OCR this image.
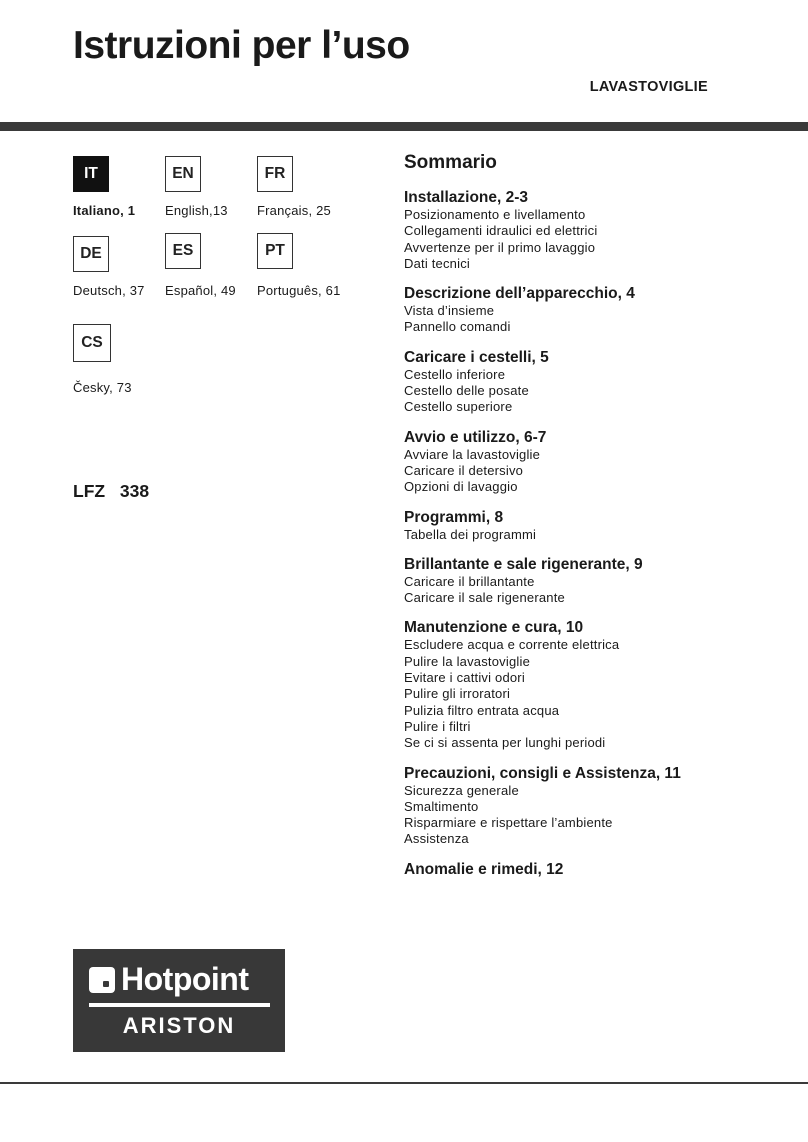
Istruzioni per l’uso
LAVASTOVIGLIE
IT
Italiano, 1
EN
English,13
FR
Français, 25
DE
Deutsch, 37
ES
Español, 49
PT
Português, 61
CS
Česky, 73
LFZ 338
Hotpoint
ARISTON
Sommario
Installazione, 2-3
Posizionamento e livellamento
Collegamenti idraulici ed elettrici
Avvertenze per il primo lavaggio
Dati tecnici
Descrizione dell’apparecchio, 4
Vista d’insieme
Pannello comandi
Caricare i cestelli, 5
Cestello inferiore
Cestello delle posate
Cestello superiore
Avvio e utilizzo, 6-7
Avviare la lavastoviglie
Caricare il detersivo
Opzioni di lavaggio
Programmi, 8
Tabella dei programmi
Brillantante e sale rigenerante, 9
Caricare il brillantante
Caricare il sale rigenerante
Manutenzione e cura, 10
Escludere acqua e corrente elettrica
Pulire la lavastoviglie
Evitare i cattivi odori
Pulire gli irroratori
Pulizia filtro entrata acqua
Pulire i filtri
Se ci si assenta per lunghi periodi
Precauzioni, consigli e Assistenza, 11
Sicurezza generale
Smaltimento
Risparmiare e rispettare l’ambiente
Assistenza
Anomalie e rimedi, 12
